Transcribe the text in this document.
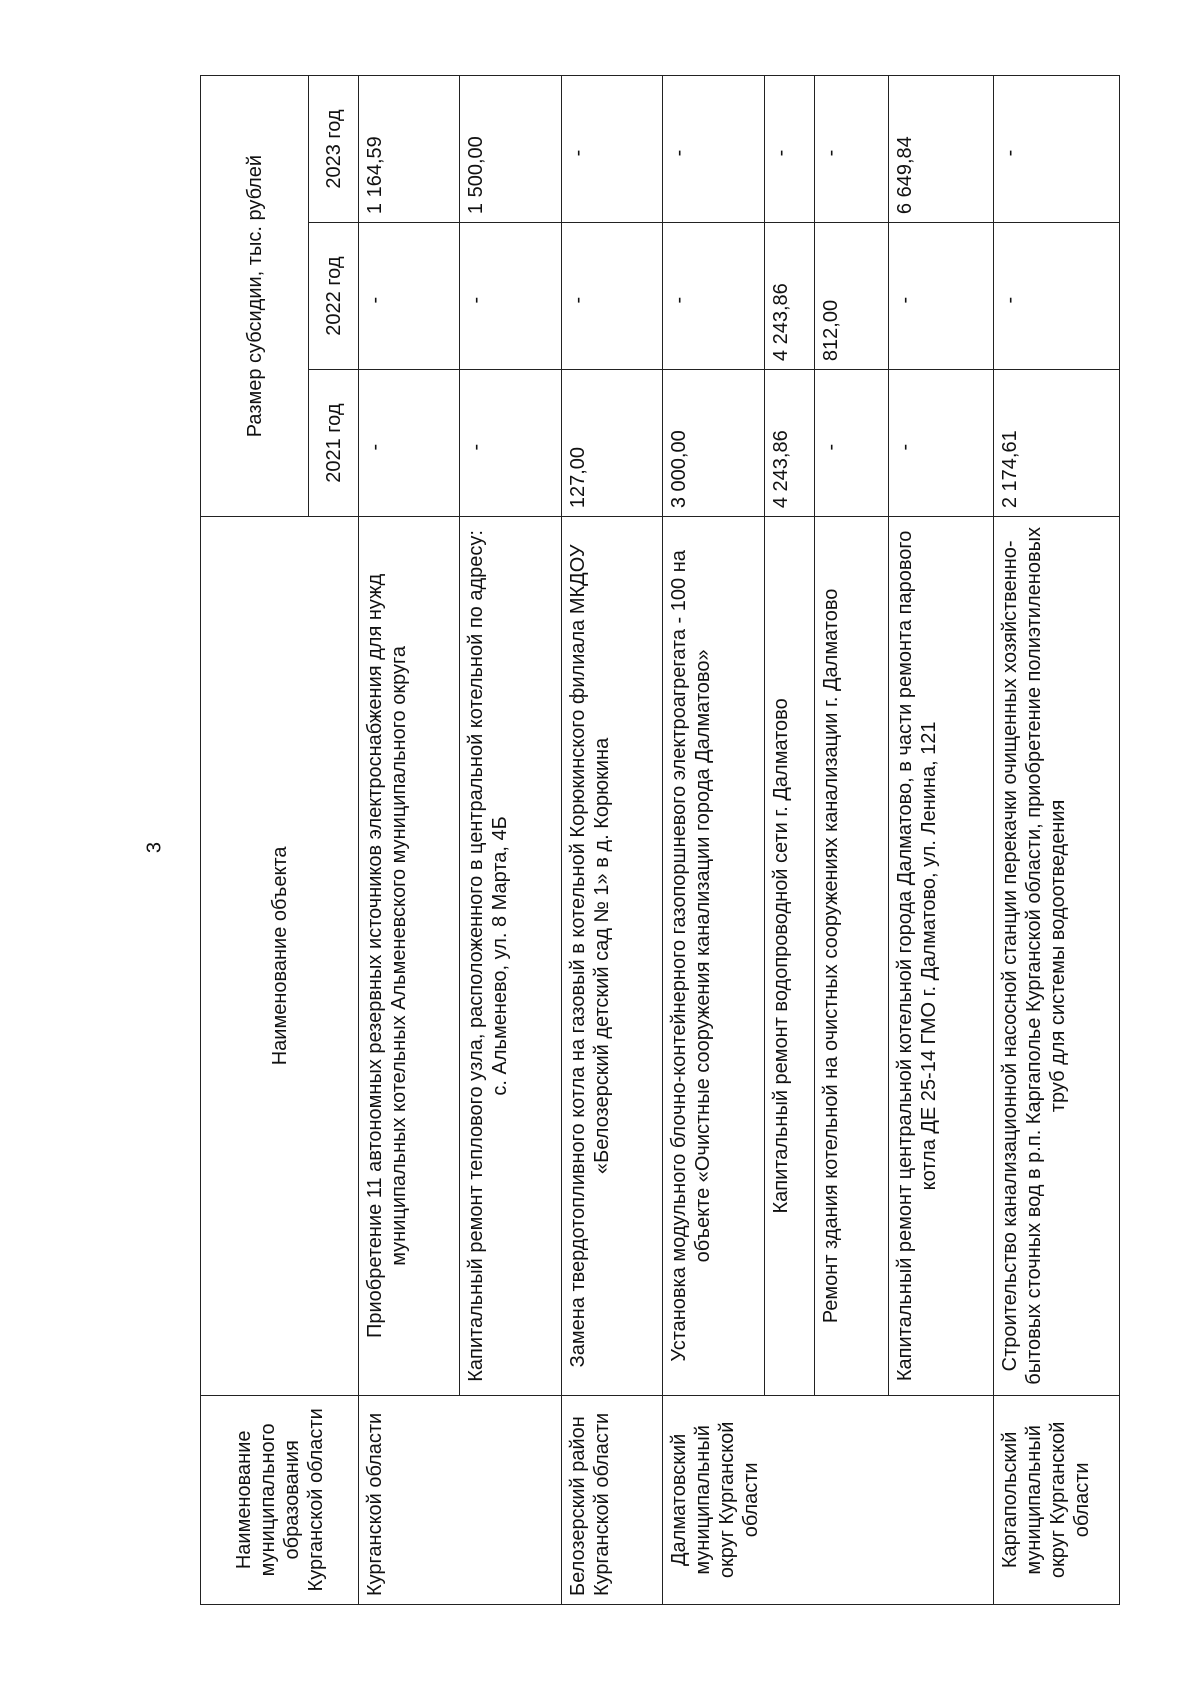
3
Наименование муниципального образования Курганской области	Наименование объекта	Размер субсидии, тыс. рублей		
		2021 год	2022 год	2023 год
Курганской области	Приобретение 11 автономных резервных источников электроснабжения для нужд муниципальных котельных Альменевского муниципального округа	-	-	1 164,59
	Капитальный ремонт теплового узла, расположенного в центральной котельной по адресу: с. Альменево, ул. 8 Марта, 4Б	-	-	1 500,00
Белозерский район Курганской области	Замена твердотопливного котла на газовый в котельной Корюкинского филиала МКДОУ «Белозерский детский сад № 1» в д. Корюкина	127,00	-	-
Далматовский муниципальный округ Курганской области	Установка модульного блочно-контейнерного газопоршневого электроагрегата - 100 на объекте «Очистные сооружения канализации города Далматово»	3 000,00	-	-
	Капитальный ремонт водопроводной сети г. Далматово	4 243,86	4 243,86	-
	Ремонт здания котельной на очистных сооружениях канализации г. Далматово	-	812,00	-
	Капитальный ремонт центральной котельной города Далматово, в части ремонта парового котла ДЕ 25-14 ГМО г. Далматово, ул. Ленина, 121	-	-	6 649,84
Каргапольский муниципальный округ Курганской области	Строительство канализационной насосной станции перекачки очищенных хозяйственно-бытовых сточных вод в р.п. Каргаполье Курганской области, приобретение полиэтиленовых труб для системы водоотведения	2 174,61	-	-
